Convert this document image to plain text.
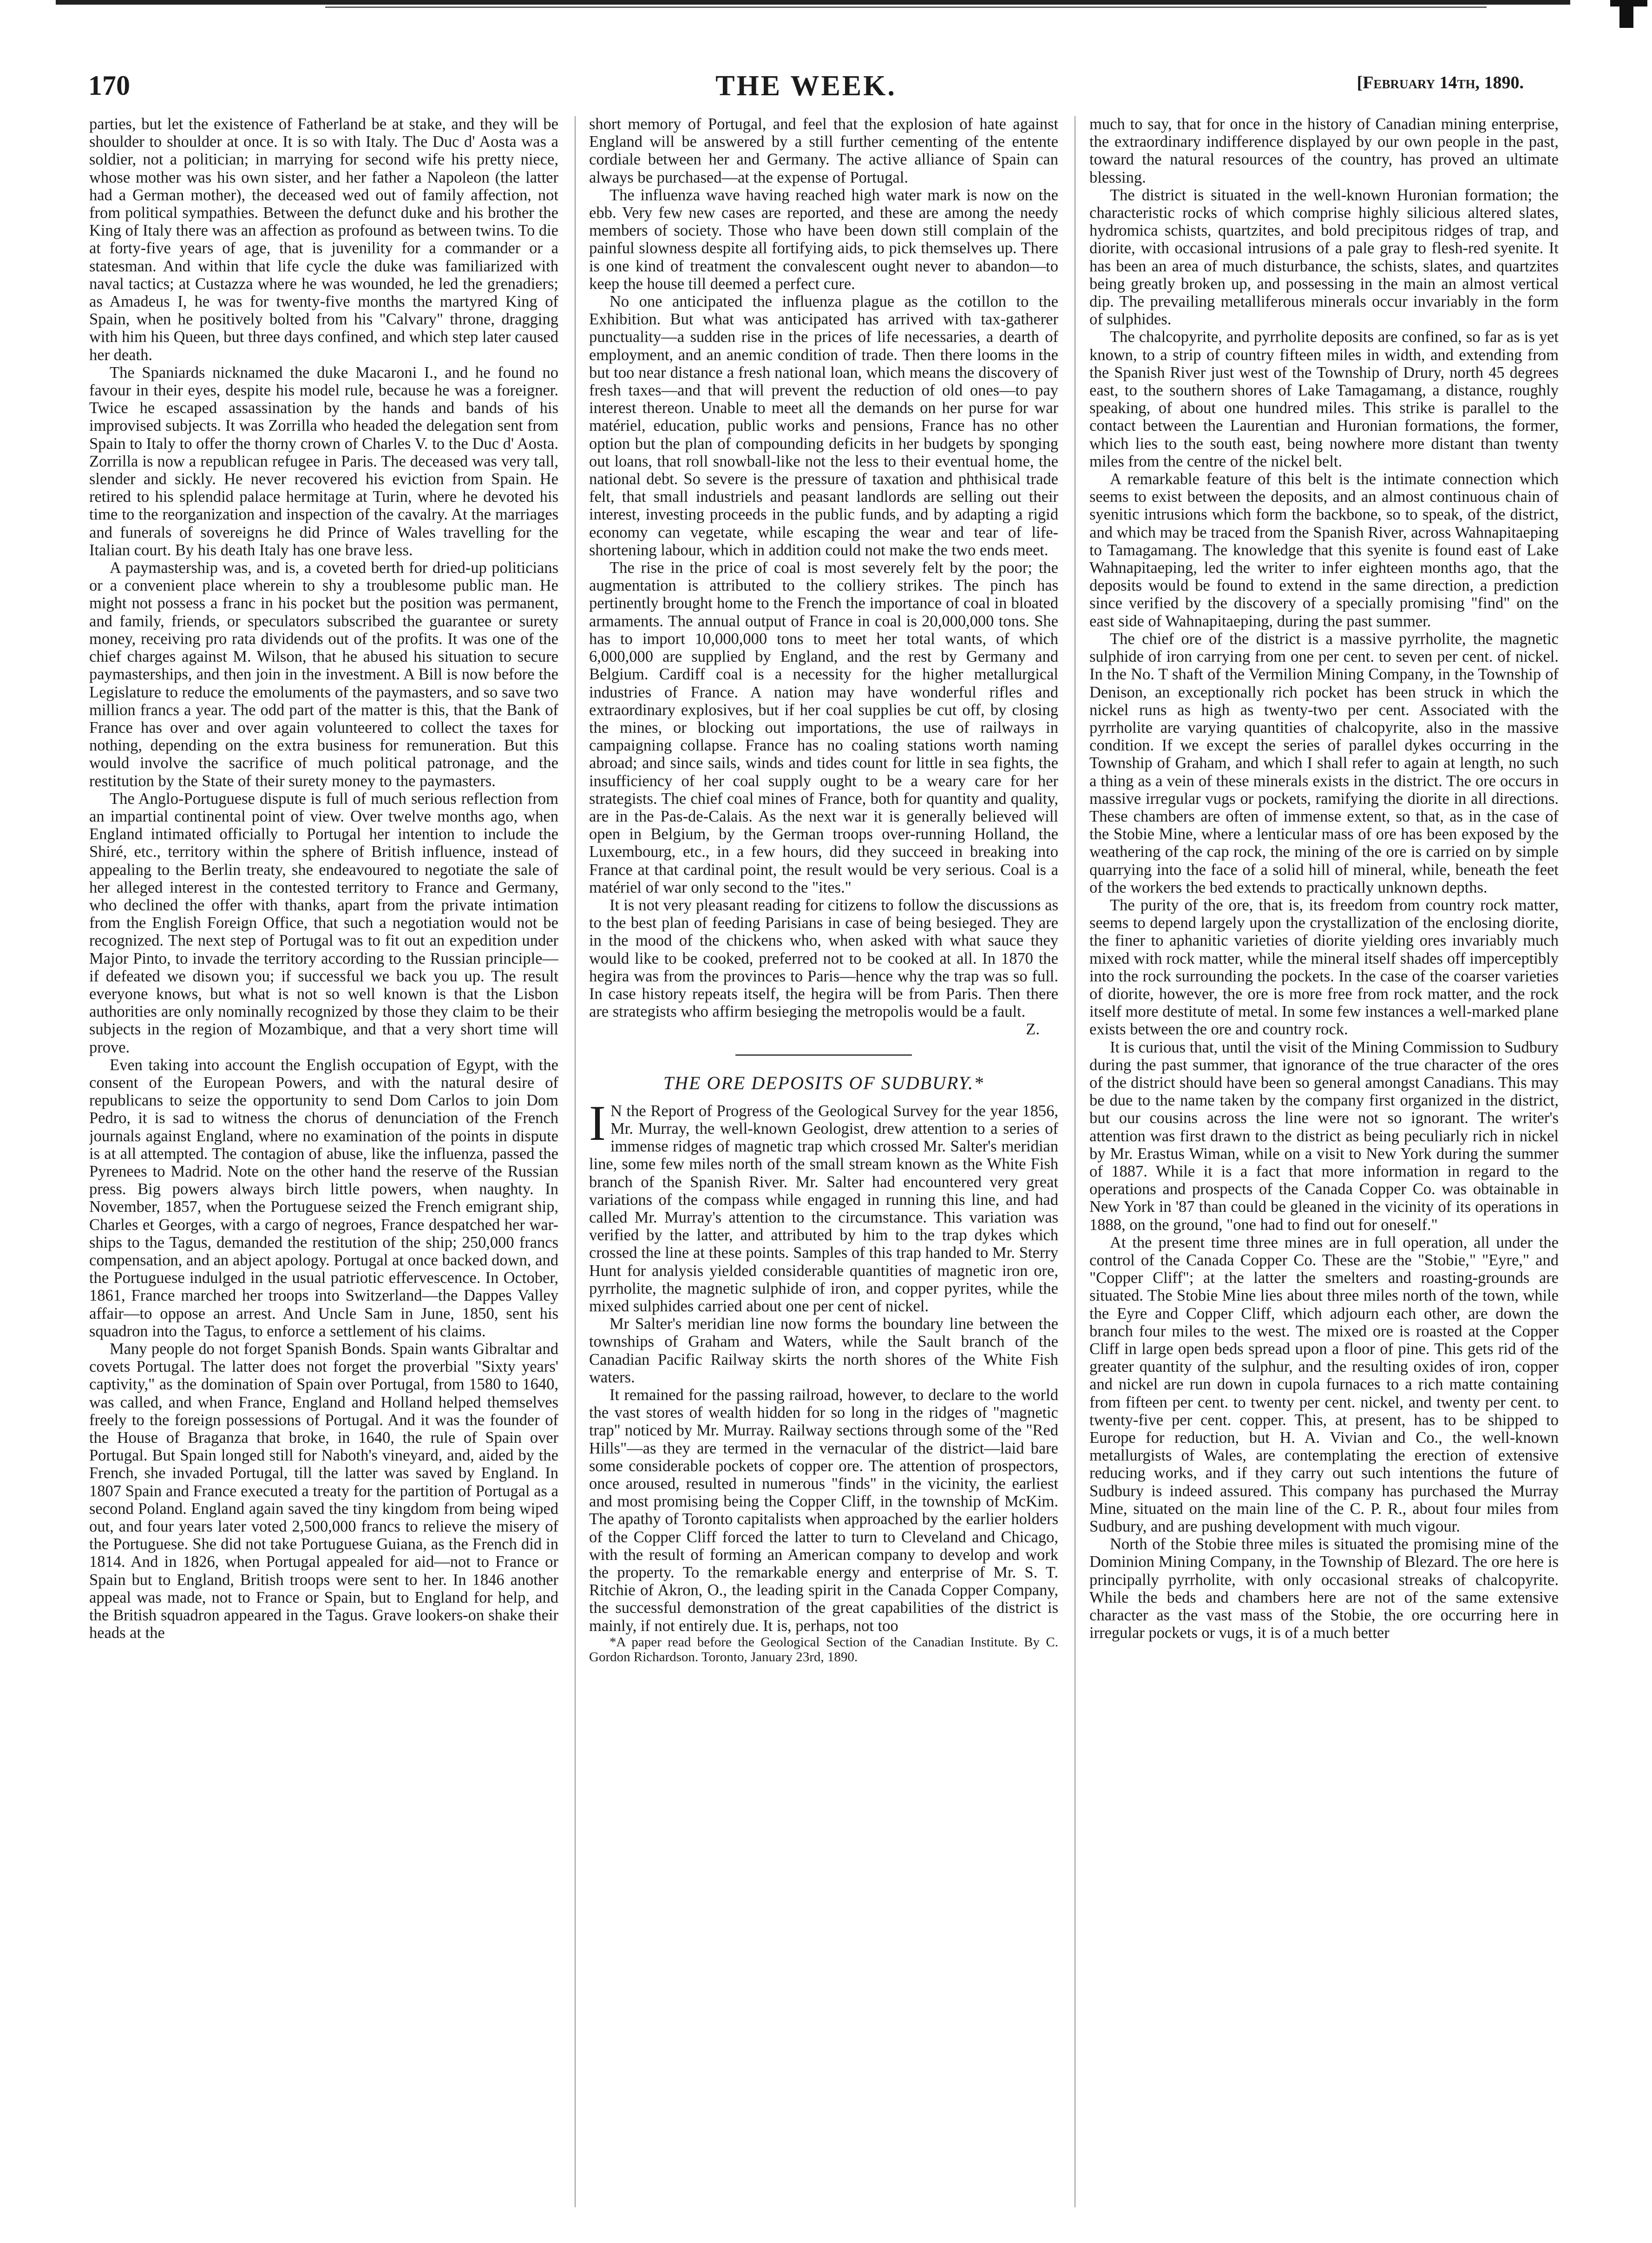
170	THE WEEK.	[February 14th, 1890.

parties, but let the existence of Fatherland be at stake, and they will be shoulder to shoulder at once. It is so with Italy. The Duc d' Aosta was a soldier, not a politician; in marrying for second wife his pretty niece, whose mother was his own sister, and her father a Napoleon (the latter had a German mother), the deceased wed out of family affection, not from political sympathies. Between the defunct duke and his brother the King of Italy there was an affection as profound as between twins. To die at forty-five years of age, that is juvenility for a commander or a statesman. And within that life cycle the duke was familiarized with naval tactics; at Custazza where he was wounded, he led the grenadiers; as Amadeus I, he was for twenty-five months the martyred King of Spain, when he positively bolted from his "Calvary" throne, dragging with him his Queen, but three days confined, and which step later caused her death.

The Spaniards nicknamed the duke Macaroni I., and he found no favour in their eyes, despite his model rule, because he was a foreigner. Twice he escaped assassination by the hands and bands of his improvised subjects. It was Zorrilla who headed the delegation sent from Spain to Italy to offer the thorny crown of Charles V. to the Duc d' Aosta. Zorrilla is now a republican refugee in Paris. The deceased was very tall, slender and sickly. He never recovered his eviction from Spain. He retired to his splendid palace hermitage at Turin, where he devoted his time to the reorganization and inspection of the cavalry. At the marriages and funerals of sovereigns he did Prince of Wales travelling for the Italian court. By his death Italy has one brave less.

A paymastership was, and is, a coveted berth for dried-up politicians or a convenient place wherein to shy a troublesome public man. He might not possess a franc in his pocket but the position was permanent, and family, friends, or speculators subscribed the guarantee or surety money, receiving pro rata dividends out of the profits. It was one of the chief charges against M. Wilson, that he abused his situation to secure paymasterships, and then join in the investment. A Bill is now before the Legislature to reduce the emoluments of the paymasters, and so save two million francs a year. The odd part of the matter is this, that the Bank of France has over and over again volunteered to collect the taxes for nothing, depending on the extra business for remuneration. But this would involve the sacrifice of much political patronage, and the restitution by the State of their surety money to the paymasters.

The Anglo-Portuguese dispute is full of much serious reflection from an impartial continental point of view. Over twelve months ago, when England intimated officially to Portugal her intention to include the Shiré, etc., territory within the sphere of British influence, instead of appealing to the Berlin treaty, she endeavoured to negotiate the sale of her alleged interest in the contested territory to France and Germany, who declined the offer with thanks, apart from the private intimation from the English Foreign Office, that such a negotiation would not be recognized. The next step of Portugal was to fit out an expedition under Major Pinto, to invade the territory according to the Russian principle—if defeated we disown you; if successful we back you up. The result everyone knows, but what is not so well known is that the Lisbon authorities are only nominally recognized by those they claim to be their subjects in the region of Mozambique, and that a very short time will prove.

Even taking into account the English occupation of Egypt, with the consent of the European Powers, and with the natural desire of republicans to seize the opportunity to send Dom Carlos to join Dom Pedro, it is sad to witness the chorus of denunciation of the French journals against England, where no examination of the points in dispute is at all attempted. The contagion of abuse, like the influenza, passed the Pyrenees to Madrid. Note on the other hand the reserve of the Russian press. Big powers always birch little powers, when naughty. In November, 1857, when the Portuguese seized the French emigrant ship, Charles et Georges, with a cargo of negroes, France despatched her war-ships to the Tagus, demanded the restitution of the ship; 250,000 francs compensation, and an abject apology. Portugal at once backed down, and the Portuguese indulged in the usual patriotic effervescence. In October, 1861, France marched her troops into Switzerland—the Dappes Valley affair—to oppose an arrest. And Uncle Sam in June, 1850, sent his squadron into the Tagus, to enforce a settlement of his claims.

Many people do not forget Spanish Bonds. Spain wants Gibraltar and covets Portugal. The latter does not forget the proverbial "Sixty years' captivity," as the domination of Spain over Portugal, from 1580 to 1640, was called, and when France, England and Holland helped themselves freely to the foreign possessions of Portugal. And it was the founder of the House of Braganza that broke, in 1640, the rule of Spain over Portugal. But Spain longed still for Naboth's vineyard, and, aided by the French, she invaded Portugal, till the latter was saved by England. In 1807 Spain and France executed a treaty for the partition of Portugal as a second Poland. England again saved the tiny kingdom from being wiped out, and four years later voted 2,500,000 francs to relieve the misery of the Portuguese. She did not take Portuguese Guiana, as the French did in 1814. And in 1826, when Portugal appealed for aid—not to France or Spain but to England, British troops were sent to her. In 1846 another appeal was made, not to France or Spain, but to England for help, and the British squadron appeared in the Tagus. Grave lookers-on shake their heads at the

short memory of Portugal, and feel that the explosion of hate against England will be answered by a still further cementing of the entente cordiale between her and Germany. The active alliance of Spain can always be purchased—at the expense of Portugal.

The influenza wave having reached high water mark is now on the ebb. Very few new cases are reported, and these are among the needy members of society. Those who have been down still complain of the painful slowness despite all fortifying aids, to pick themselves up. There is one kind of treatment the convalescent ought never to abandon—to keep the house till deemed a perfect cure.

No one anticipated the influenza plague as the cotillon to the Exhibition. But what was anticipated has arrived with tax-gatherer punctuality—a sudden rise in the prices of life necessaries, a dearth of employment, and an anemic condition of trade. Then there looms in the but too near distance a fresh national loan, which means the discovery of fresh taxes—and that will prevent the reduction of old ones—to pay interest thereon. Unable to meet all the demands on her purse for war matériel, education, public works and pensions, France has no other option but the plan of compounding deficits in her budgets by sponging out loans, that roll snowball-like not the less to their eventual home, the national debt. So severe is the pressure of taxation and phthisical trade felt, that small industriels and peasant landlords are selling out their interest, investing proceeds in the public funds, and by adapting a rigid economy can vegetate, while escaping the wear and tear of life-shortening labour, which in addition could not make the two ends meet.

The rise in the price of coal is most severely felt by the poor; the augmentation is attributed to the colliery strikes. The pinch has pertinently brought home to the French the importance of coal in bloated armaments. The annual output of France in coal is 20,000,000 tons. She has to import 10,000,000 tons to meet her total wants, of which 6,000,000 are supplied by England, and the rest by Germany and Belgium. Cardiff coal is a necessity for the higher metallurgical industries of France. A nation may have wonderful rifles and extraordinary explosives, but if her coal supplies be cut off, by closing the mines, or blocking out importations, the use of railways in campaigning collapse. France has no coaling stations worth naming abroad; and since sails, winds and tides count for little in sea fights, the insufficiency of her coal supply ought to be a weary care for her strategists. The chief coal mines of France, both for quantity and quality, are in the Pas-de-Calais. As the next war it is generally believed will open in Belgium, by the German troops over-running Holland, the Luxembourg, etc., in a few hours, did they succeed in breaking into France at that cardinal point, the result would be very serious. Coal is a matériel of war only second to the "ites."

It is not very pleasant reading for citizens to follow the discussions as to the best plan of feeding Parisians in case of being besieged. They are in the mood of the chickens who, when asked with what sauce they would like to be cooked, preferred not to be cooked at all. In 1870 the hegira was from the provinces to Paris—hence why the trap was so full. In case history repeats itself, the hegira will be from Paris. Then there are strategists who affirm besieging the metropolis would be a fault.

Z.

THE ORE DEPOSITS OF SUDBURY.*

I N the Report of Progress of the Geological Survey for the year 1856, Mr. Murray, the well-known Geologist, drew attention to a series of immense ridges of magnetic trap which crossed Mr. Salter's meridian line, some few miles north of the small stream known as the White Fish branch of the Spanish River. Mr. Salter had encountered very great variations of the compass while engaged in running this line, and had called Mr. Murray's attention to the circumstance. This variation was verified by the latter, and attributed by him to the trap dykes which crossed the line at these points. Samples of this trap handed to Mr. Sterry Hunt for analysis yielded considerable quantities of magnetic iron ore, pyrrholite, the magnetic sulphide of iron, and copper pyrites, while the mixed sulphides carried about one per cent of nickel.

Mr Salter's meridian line now forms the boundary line between the townships of Graham and Waters, while the Sault branch of the Canadian Pacific Railway skirts the north shores of the White Fish waters.

It remained for the passing railroad, however, to declare to the world the vast stores of wealth hidden for so long in the ridges of "magnetic trap" noticed by Mr. Murray. Railway sections through some of the "Red Hills"—as they are termed in the vernacular of the district—laid bare some considerable pockets of copper ore. The attention of prospectors, once aroused, resulted in numerous "finds" in the vicinity, the earliest and most promising being the Copper Cliff, in the township of McKim. The apathy of Toronto capitalists when approached by the earlier holders of the Copper Cliff forced the latter to turn to Cleveland and Chicago, with the result of forming an American company to develop and work the property. To the remarkable energy and enterprise of Mr. S. T. Ritchie of Akron, O., the leading spirit in the Canada Copper Company, the successful demonstration of the great capabilities of the district is mainly, if not entirely due. It is, perhaps, not too

*A paper read before the Geological Section of the Canadian Institute. By C. Gordon Richardson. Toronto, January 23rd, 1890.

much to say, that for once in the history of Canadian mining enterprise, the extraordinary indifference displayed by our own people in the past, toward the natural resources of the country, has proved an ultimate blessing.

The district is situated in the well-known Huronian formation; the characteristic rocks of which comprise highly silicious altered slates, hydromica schists, quartzites, and bold precipitous ridges of trap, and diorite, with occasional intrusions of a pale gray to flesh-red syenite. It has been an area of much disturbance, the schists, slates, and quartzites being greatly broken up, and possessing in the main an almost vertical dip. The prevailing metalliferous minerals occur invariably in the form of sulphides.

The chalcopyrite, and pyrrholite deposits are confined, so far as is yet known, to a strip of country fifteen miles in width, and extending from the Spanish River just west of the Township of Drury, north 45 degrees east, to the southern shores of Lake Tamagamang, a distance, roughly speaking, of about one hundred miles. This strike is parallel to the contact between the Laurentian and Huronian formations, the former, which lies to the south east, being nowhere more distant than twenty miles from the centre of the nickel belt.

A remarkable feature of this belt is the intimate connection which seems to exist between the deposits, and an almost continuous chain of syenitic intrusions which form the backbone, so to speak, of the district, and which may be traced from the Spanish River, across Wahnapitaeping to Tamagamang. The knowledge that this syenite is found east of Lake Wahnapitaeping, led the writer to infer eighteen months ago, that the deposits would be found to extend in the same direction, a prediction since verified by the discovery of a specially promising "find" on the east side of Wahnapitaeping, during the past summer.

The chief ore of the district is a massive pyrrholite, the magnetic sulphide of iron carrying from one per cent. to seven per cent. of nickel. In the No. T shaft of the Vermilion Mining Company, in the Township of Denison, an exceptionally rich pocket has been struck in which the nickel runs as high as twenty-two per cent. Associated with the pyrrholite are varying quantities of chalcopyrite, also in the massive condition. If we except the series of parallel dykes occurring in the Township of Graham, and which I shall refer to again at length, no such a thing as a vein of these minerals exists in the district. The ore occurs in massive irregular vugs or pockets, ramifying the diorite in all directions. These chambers are often of immense extent, so that, as in the case of the Stobie Mine, where a lenticular mass of ore has been exposed by the weathering of the cap rock, the mining of the ore is carried on by simple quarrying into the face of a solid hill of mineral, while, beneath the feet of the workers the bed extends to practically unknown depths.

The purity of the ore, that is, its freedom from country rock matter, seems to depend largely upon the crystallization of the enclosing diorite, the finer to aphanitic varieties of diorite yielding ores invariably much mixed with rock matter, while the mineral itself shades off imperceptibly into the rock surrounding the pockets. In the case of the coarser varieties of diorite, however, the ore is more free from rock matter, and the rock itself more destitute of metal. In some few instances a well-marked plane exists between the ore and country rock.

It is curious that, until the visit of the Mining Commission to Sudbury during the past summer, that ignorance of the true character of the ores of the district should have been so general amongst Canadians. This may be due to the name taken by the company first organized in the district, but our cousins across the line were not so ignorant. The writer's attention was first drawn to the district as being peculiarly rich in nickel by Mr. Erastus Wiman, while on a visit to New York during the summer of 1887. While it is a fact that more information in regard to the operations and prospects of the Canada Copper Co. was obtainable in New York in '87 than could be gleaned in the vicinity of its operations in 1888, on the ground, "one had to find out for oneself."

At the present time three mines are in full operation, all under the control of the Canada Copper Co. These are the "Stobie," "Eyre," and "Copper Cliff"; at the latter the smelters and roasting-grounds are situated. The Stobie Mine lies about three miles north of the town, while the Eyre and Copper Cliff, which adjourn each other, are down the branch four miles to the west. The mixed ore is roasted at the Copper Cliff in large open beds spread upon a floor of pine. This gets rid of the greater quantity of the sulphur, and the resulting oxides of iron, copper and nickel are run down in cupola furnaces to a rich matte containing from fifteen per cent. to twenty per cent. nickel, and twenty per cent. to twenty-five per cent. copper. This, at present, has to be shipped to Europe for reduction, but H. A. Vivian and Co., the well-known metallurgists of Wales, are contemplating the erection of extensive reducing works, and if they carry out such intentions the future of Sudbury is indeed assured. This company has purchased the Murray Mine, situated on the main line of the C. P. R., about four miles from Sudbury, and are pushing development with much vigour.

North of the Stobie three miles is situated the promising mine of the Dominion Mining Company, in the Township of Blezard. The ore here is principally pyrrholite, with only occasional streaks of chalcopyrite. While the beds and chambers here are not of the same extensive character as the vast mass of the Stobie, the ore occurring here in irregular pockets or vugs, it is of a much better
